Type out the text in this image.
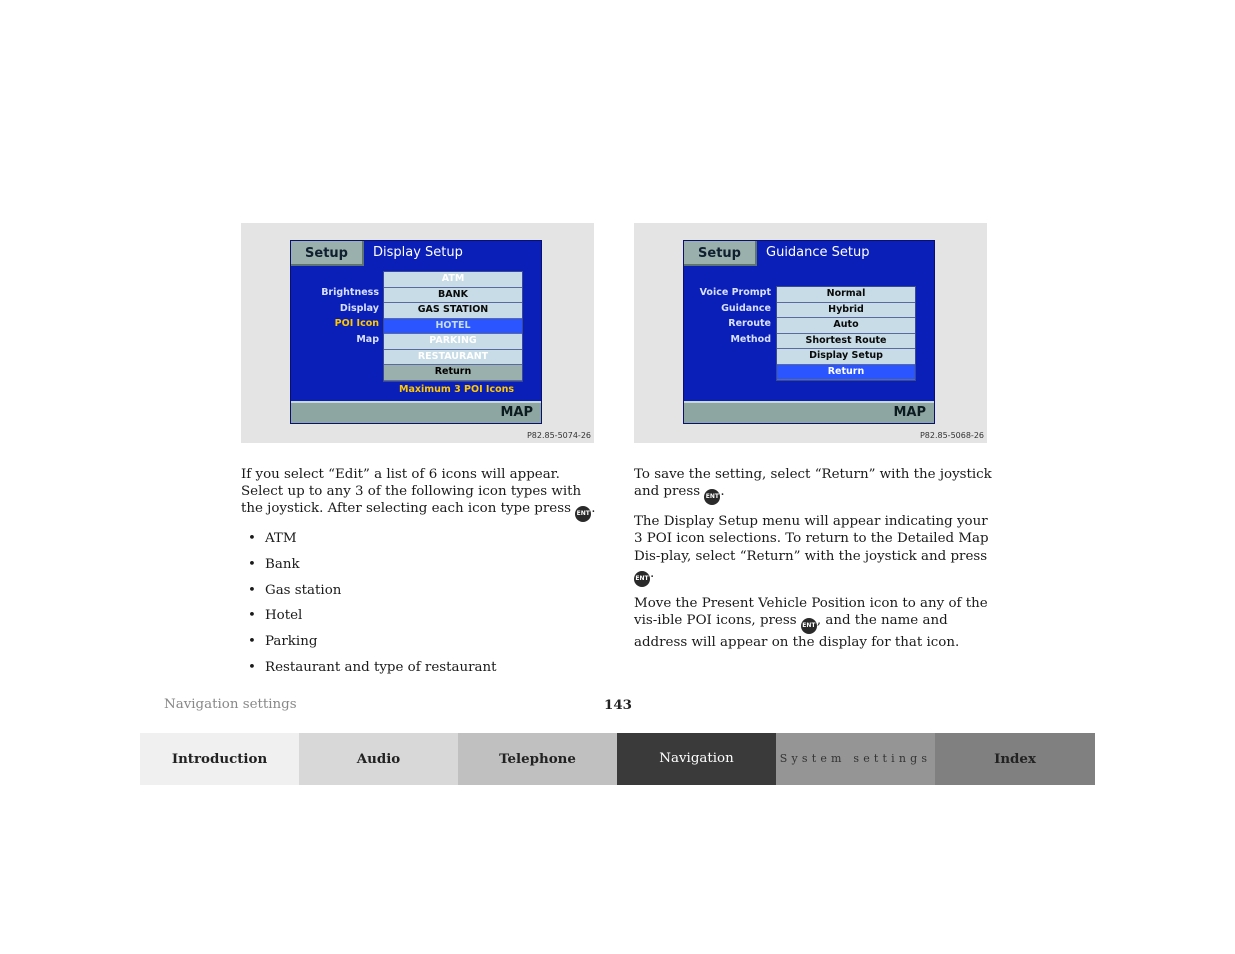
Setup	Display Setup
Brightness
Display
POI Icon
Map
ATM
BANK
GAS STATION
HOTEL
PARKING
RESTAURANT
Return
Maximum 3 POI Icons
MAP
P82.85-5074-26
Setup	Guidance Setup
Voice Prompt
Guidance
Reroute
Method
Normal
Hybrid
Auto
Shortest Route
Display Setup
Return
MAP
P82.85-5068-26

If you select “Edit” a list of 6 icons will appear. Select up to any 3 of the following icon types with the joystick. After selecting each icon type press ENT.

• ATM
• Bank
• Gas station
• Hotel
• Parking
• Restaurant and type of restaurant

To save the setting, select “Return” with the joystick and press ENT.

The Display Setup menu will appear indicating your 3 POI icon selections. To return to the Detailed Map Dis-play, select “Return” with the joystick and press ENT.

Move the Present Vehicle Position icon to any of the vis-ible POI icons, press ENT, and the name and address will appear on the display for that icon.

Navigation settings	143
Introduction	Audio	Telephone	Navigation	System settings	Index
